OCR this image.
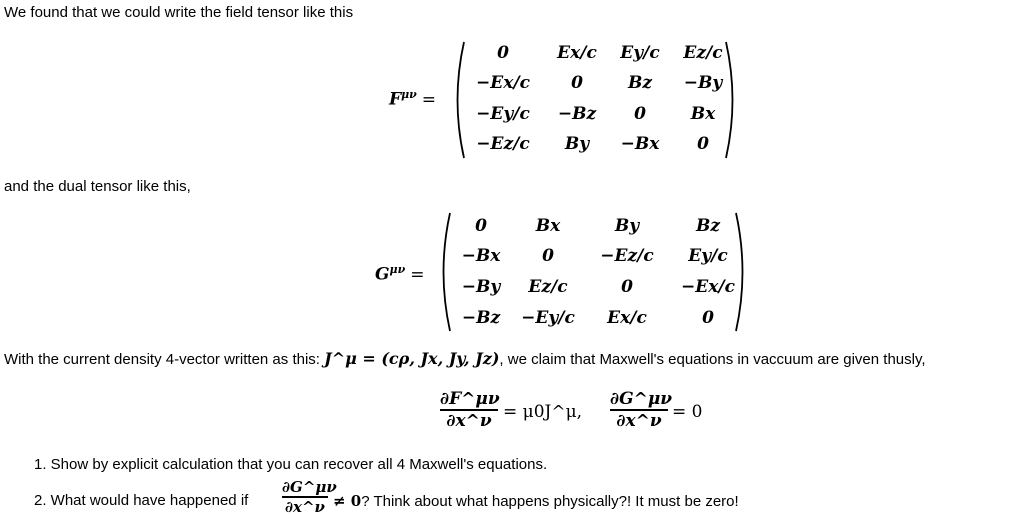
We found that we could write the field tensor like this
$F^{\mu\nu}$ =
0	Ex/c Ey/c Ez/c
−Ex/c 0	Bz −By
−Ey/c −Bz 0	Bx
−Ez/c By −Bx 0
and the dual tensor like this,
$G^{\mu\nu}$ =
0	Bx	By	Bz
−Bx 0	−Ez/c Ey/c
−By Ez/c	0	−Ex/c
−Bz −Ey/c Ex/c	0
With the current density 4-vector written as this: J^μ = (cρ, Jx, Jy, Jz), we claim that Maxwell's equations in vaccuum are given thusly,
∂F^μν
∂x^ν = μ0J^μ,
∂G^μν
∂x^ν = 0
1. Show by explicit calculation that you can recover all 4 Maxwell's equations.
2. What would have happened if
∂G^μν
∂x^ν ≠ 0? Think about what happens physically?! It must be zero!
